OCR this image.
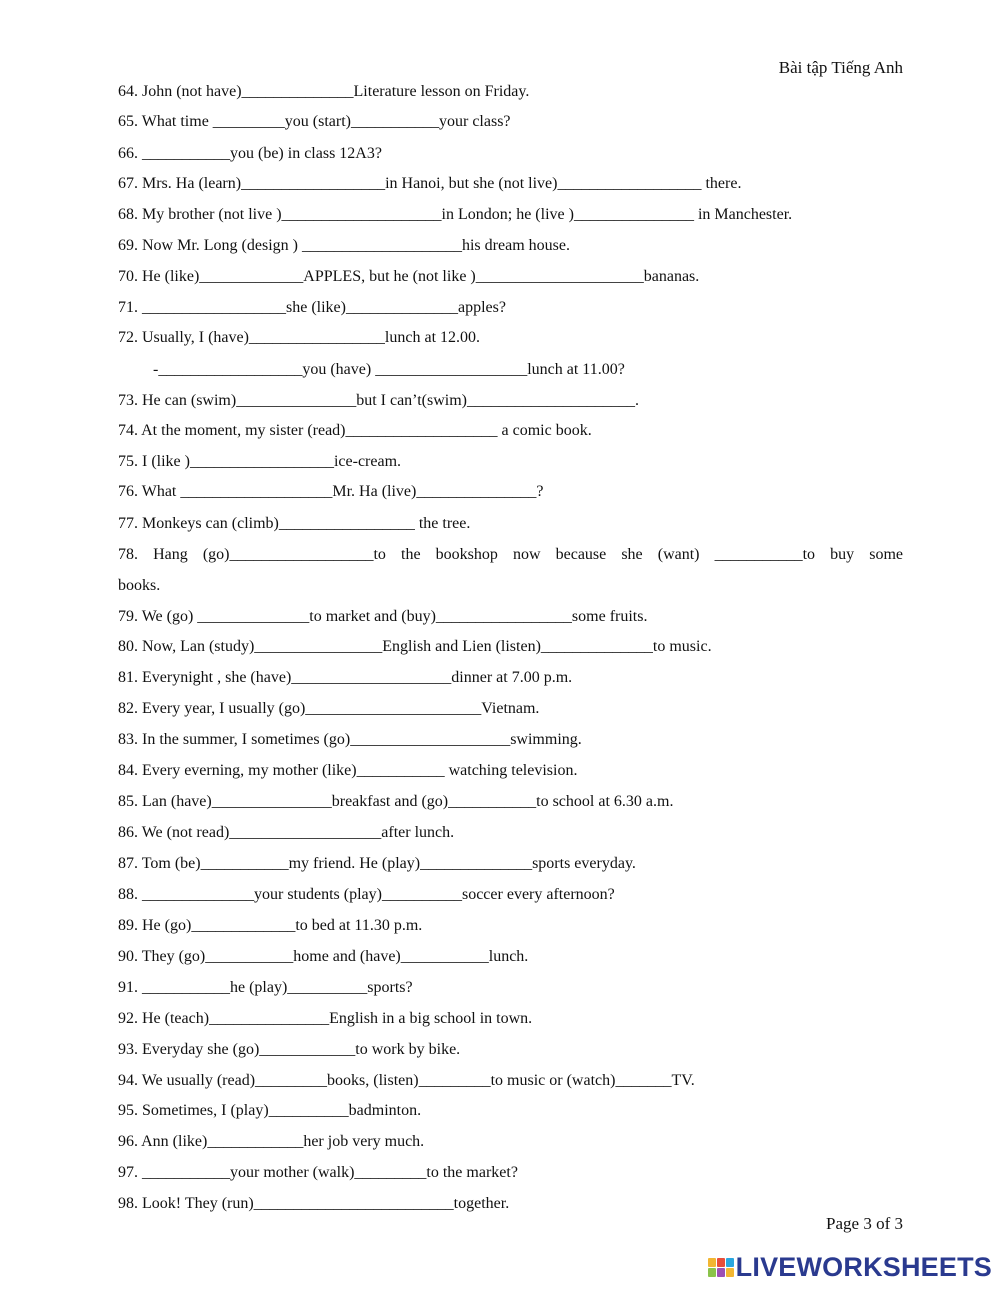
Bài tập Tiếng Anh
64. John (not have)______________Literature lesson on Friday.
65. What time _________you (start)___________your class?
66. ___________you (be) in class 12A3?
67. Mrs. Ha (learn)__________________in Hanoi, but she (not live)__________________ there.
68. My brother (not live )____________________in London; he (live )_______________ in Manchester.
69. Now Mr. Long (design ) ____________________his dream house.
70. He (like)_____________APPLES, but he (not like )_____________________bananas.
71. __________________she (like)______________apples?
72. Usually, I (have)_________________lunch at 12.00.
-__________________you (have) ___________________lunch at 11.00?
73. He can (swim)_______________but I can’t(swim)_____________________.
74. At the moment, my sister (read)___________________ a comic book.
75. I (like )__________________ice-cream.
76. What ___________________Mr. Ha (live)_______________?
77. Monkeys can (climb)_________________ the tree.
78. Hang (go)__________________to the bookshop now because she (want) ___________to buy some
books.
79. We (go) ______________to market and (buy)_________________some fruits.
80. Now, Lan (study)________________English and Lien (listen)______________to music.
81. Everynight , she (have)____________________dinner at 7.00 p.m.
82. Every year, I usually (go)______________________Vietnam.
83. In the summer, I sometimes (go)____________________swimming.
84. Every everning, my mother (like)___________ watching television.
85. Lan (have)_______________breakfast and (go)___________to school at 6.30 a.m.
86. We (not read)___________________after lunch.
87. Tom (be)___________my friend. He (play)______________sports everyday.
88. ______________your students (play)__________soccer every afternoon?
89. He (go)_____________to bed at 11.30 p.m.
90. They (go)___________home and (have)___________lunch.
91. ___________he (play)__________sports?
92. He (teach)_______________English in a big school in town.
93. Everyday she (go)____________to work by bike.
94. We usually (read)_________books, (listen)_________to music or (watch)_______TV.
95. Sometimes, I (play)__________badminton.
96. Ann (like)____________her job very much.
97. ___________your mother (walk)_________to the market?
98. Look! They (run)_________________________together.
Page 3 of 3
LIVEWORKSHEETS
